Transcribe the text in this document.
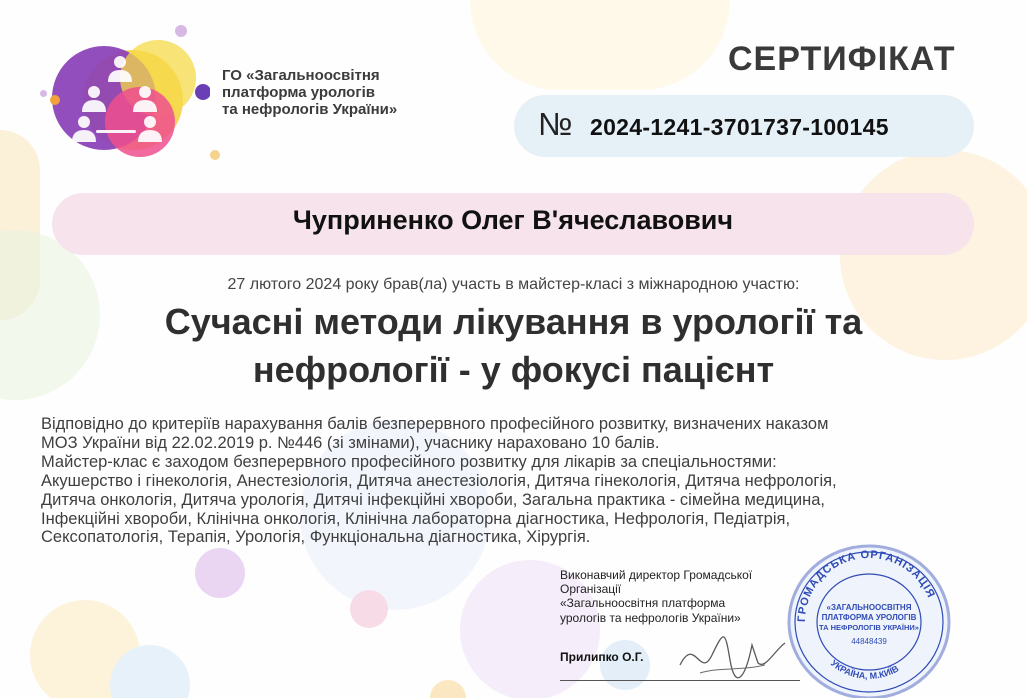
ГО «Загальноосвітня
платформа урологів
та нефрологів України»
СЕРТИФІКАТ
№ 2024-1241-3701737-100145
Чуприненко Олег В'ячеславович
27 лютого 2024 року брав(ла) участь в майстер-класі з міжнародною участю:
Сучасні методи лікування в урології та
нефрології - у фокусі пацієнт
Відповідно до критеріїв нарахування балів безперервного професійного розвитку, визначених наказом
МОЗ України від 22.02.2019 р. №446 (зі змінами), учаснику нараховано 10 балів.
Майстер-клас є заходом безперервного професійного розвитку для лікарів за спеціальностями:
Акушерство і гінекологія, Анестезіологія, Дитяча анестезіологія, Дитяча гінекологія, Дитяча нефрологія,
Дитяча онкологія, Дитяча урологія, Дитячі інфекційні хвороби, Загальна практика - сімейна медицина,
Інфекційні хвороби, Клінічна онкологія, Клінічна лабораторна діагностика, Нефрологія, Педіатрія,
Сексопатологія, Терапія, Урологія, Функціональна діагностика, Хірургія.
Виконавчий директор Громадської
Організації
«Загальноосвітня платформа
урологів та нефрологів України»
Прилипко О.Г.
ГРОМАДСЬКА ОРГАНІЗАЦІЯ
УКРАЇНА, М.КИЇВ
«ЗАГАЛЬНООСВІТНЯ
ПЛАТФОРМА УРОЛОГІВ
ТА НЕФРОЛОГІВ УКРАЇНИ»
44848439
